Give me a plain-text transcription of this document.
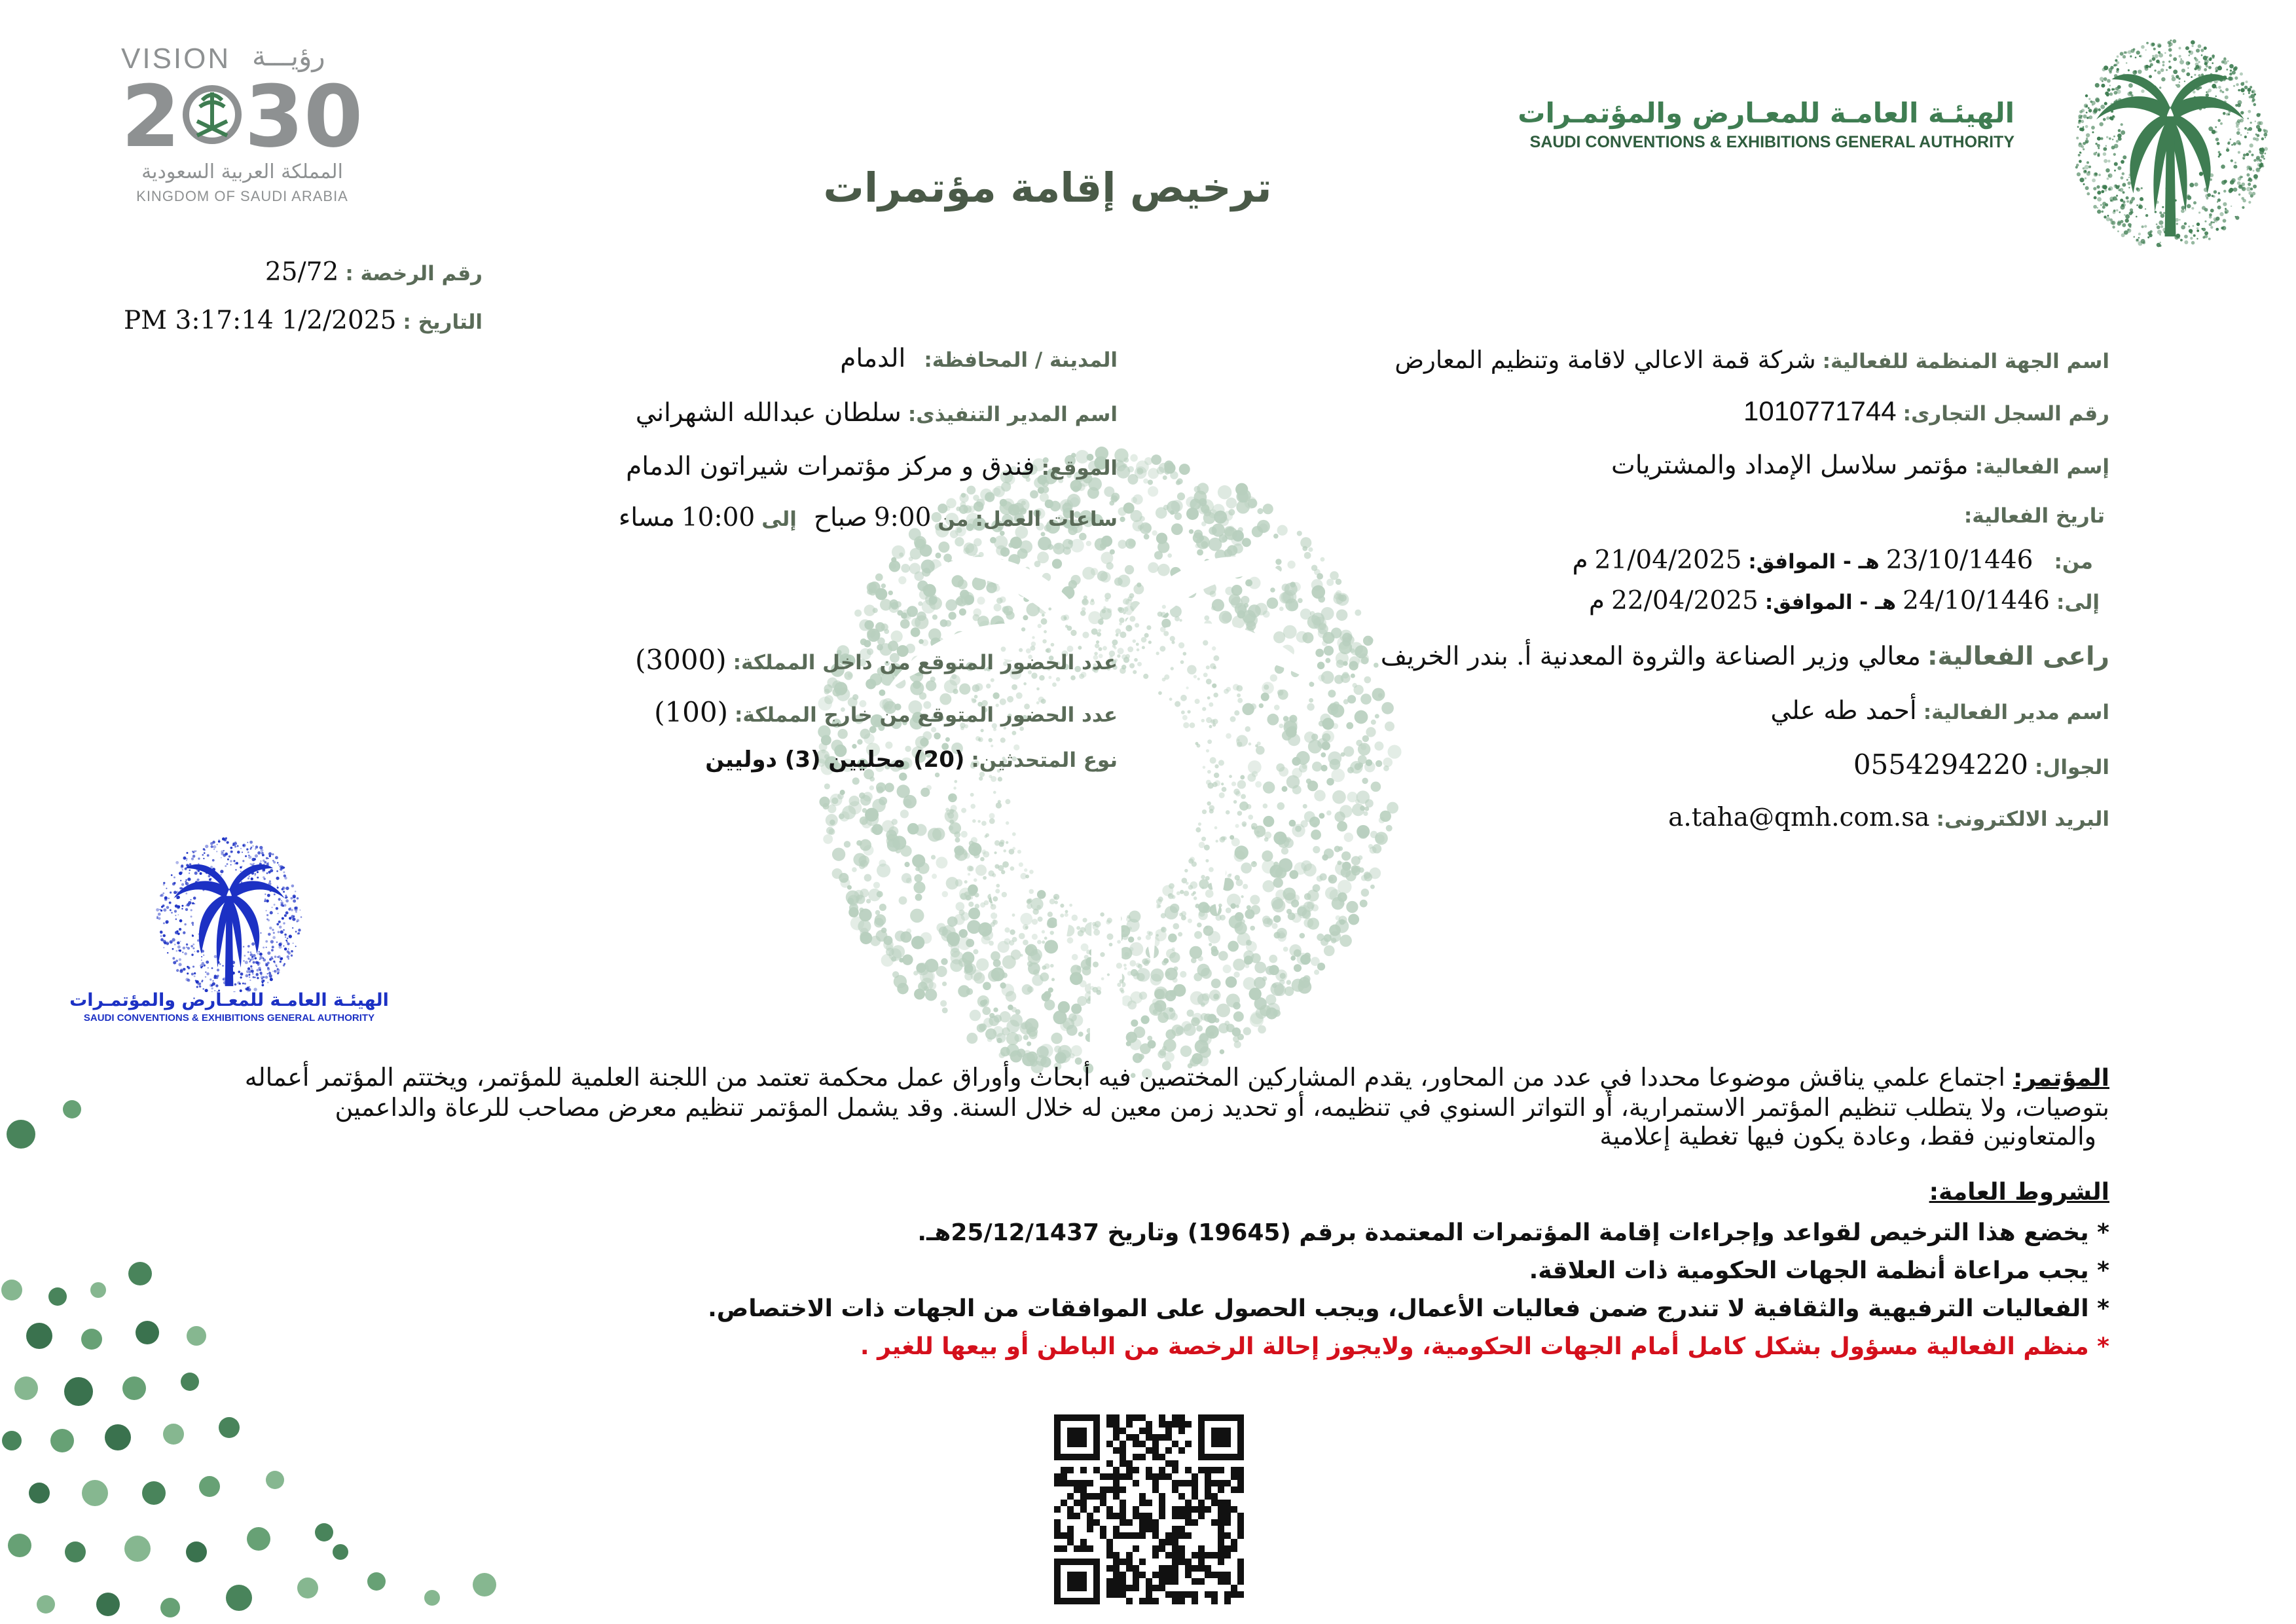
الهيئـة العامـة للمعـارض والمؤتمـرات
SAUDI CONVENTIONS & EXHIBITIONS GENERAL AUTHORITY
VISION رؤيـــة
2 30
المملكة العربية السعودية
KINGDOM OF SAUDI ARABIA	ترخيص إقامة مؤتمرات
رقم الرخصة :
25/72
التاريخ :
PM 3:17:14 1/2/2025
اسم الجهة المنظمة للفعالية:
شركة قمة الاعالي لاقامة وتنظيم المعارض
رقم السجل التجارى:
1010771744
إسم الفعالية:
مؤتمر سلاسل الإمداد والمشتريات
تاريخ الفعالية:
من:
23/10/1446
هـ - الموافق:
21/04/2025
م
إلى:
24/10/1446
هـ - الموافق:
22/04/2025
م
راعى الفعالية:
معالي وزير الصناعة والثروة المعدنية أ. بندر الخريف
اسم مدير الفعالية:
أحمد طه علي
الجوال:
0554294220
البريد الالكترونى:
a.taha@qmh.com.sa
المدينة / المحافظة:
الدمام
اسم المدير التنفيذى:
سلطان عبدالله الشهراني
الموقع:
فندق و مركز مؤتمرات شيراتون الدمام
ساعات العمل:
من
9:00
صباح
إلى
10:00
مساء
عدد الحضور المتوقع من داخل المملكة:
(3000)
عدد الحضور المتوقع من خارج المملكة:
(100)
نوع المتحدثين:
(20) محليين (3) دوليين
الهيئـة العامـة للمعـارض والمؤتمـرات
SAUDI CONVENTIONS & EXHIBITIONS GENERAL AUTHORITY
المؤتمر: اجتماع علمي يناقش موضوعا محددا في عدد من المحاور، يقدم المشاركين المختصين فيه أبحاث وأوراق عمل محكمة تعتمد من اللجنة العلمية للمؤتمر، ويختتم المؤتمر أعماله
بتوصيات، ولا يتطلب تنظيم المؤتمر الاستمرارية، أو التواتر السنوي في تنظيمه، أو تحديد زمن معين له خلال السنة. وقد يشمل المؤتمر تنظيم معرض مصاحب للرعاة والداعمين
والمتعاونين فقط، وعادة يكون فيها تغطية إعلامية
الشروط العامة:
* يخضع هذا الترخيص لقواعد وإجراءات إقامة المؤتمرات المعتمدة برقم (19645) وتاريخ 25/12/1437هـ.
* يجب مراعاة أنظمة الجهات الحكومية ذات العلاقة.
* الفعاليات الترفيهية والثقافية لا تندرج ضمن فعاليات الأعمال، ويجب الحصول على الموافقات من الجهات ذات الاختصاص.
* منظم الفعالية مسؤول بشكل كامل أمام الجهات الحكومية، ولايجوز إحالة الرخصة من الباطن أو بيعها للغير .
